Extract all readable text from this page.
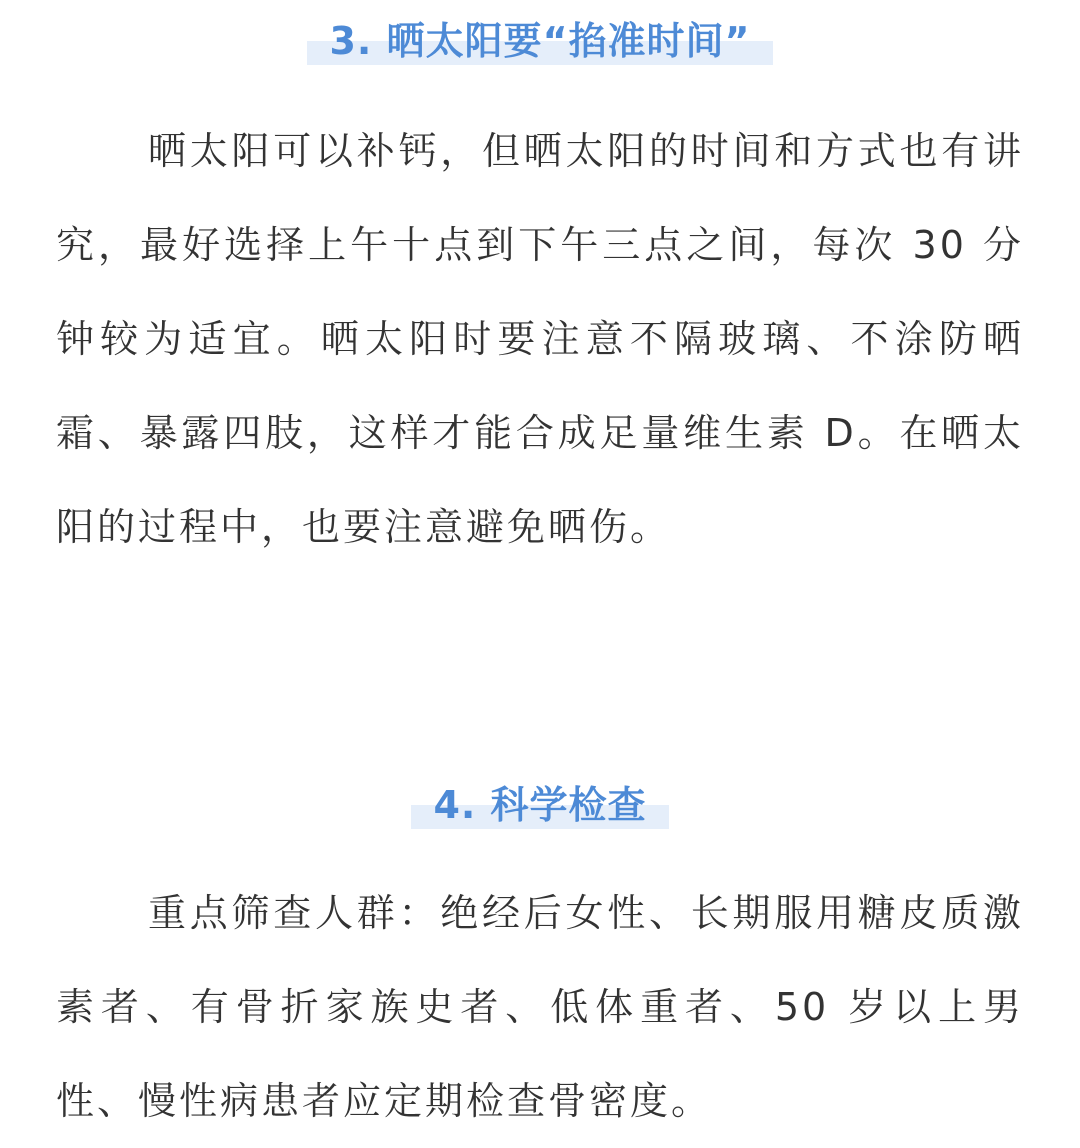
3. 晒太阳要“掐准时间”

晒太阳可以补钙，但晒太阳的时间和方式也有讲究，最好选择上午十点到下午三点之间，每次 30 分钟较为适宜。晒太阳时要注意不隔玻璃、不涂防晒霜、暴露四肢，这样才能合成足量维生素 D。在晒太阳的过程中，也要注意避免晒伤。

4. 科学检查

重点筛查人群：绝经后女性、长期服用糖皮质激素者、有骨折家族史者、低体重者、50 岁以上男性、慢性病患者应定期检查骨密度。
